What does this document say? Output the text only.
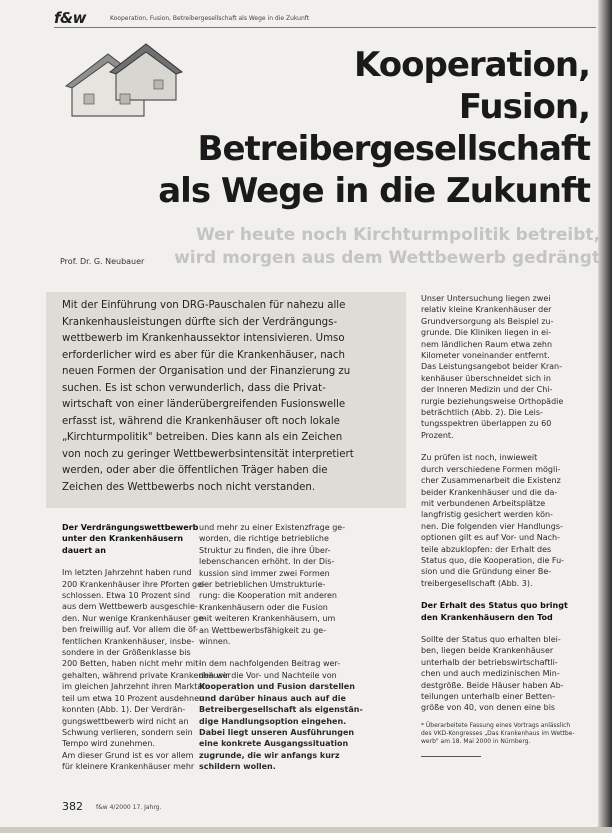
f&w	Kooperation, Fusion, Betreibergesellschaft als Wege in die Zukunft
Kooperation,
Fusion,
Betreibergesellschaft
als Wege in die Zukunft
Wer heute noch Kirchturmpolitik betreibt,
wird morgen aus dem Wettbewerb gedrängt
Prof. Dr. G. Neubauer
Mit der Einführung von DRG-Pauschalen für nahezu alle
Krankenhausleistungen dürfte sich der Verdrängungs-
wettbewerb im Krankenhaussektor intensivieren. Umso
erforderlicher wird es aber für die Krankenhäuser, nach
neuen Formen der Organisation und der Finanzierung zu
suchen. Es ist schon verwunderlich, dass die Privat-
wirtschaft von einer länderübergreifenden Fusionswelle
erfasst ist, während die Krankenhäuser oft noch lokale
„Kirchturmpolitik" betreiben. Dies kann als ein Zeichen
von noch zu geringer Wettbewerbsintensität interpretiert
werden, oder aber die öffentlichen Träger haben die
Zeichen des Wettbewerbs noch nicht verstanden.
Der Verdrängungswettbewerb
unter den Krankenhäusern
dauert an
Im letzten Jahrzehnt haben rund
200 Krankenhäuser ihre Pforten ge-
schlossen. Etwa 10 Prozent sind
aus dem Wettbewerb ausgeschie-
den. Nur wenige Krankenhäuser ge-
ben freiwillig auf. Vor allem die öf-
fentlichen Krankenhäuser, insbe-
sondere in der Größenklasse bis
200 Betten, haben nicht mehr mit-
gehalten, während private Krankenhäuser
im gleichen Jahrzehnt ihren Marktan-
teil um etwa 10 Prozent ausdehnen
konnten (Abb. 1). Der Verdrän-
gungswettbewerb wird nicht an
Schwung verlieren, sondern sein
Tempo wird zunehmen.
Am dieser Grund ist es vor allem
für kleinere Krankenhäuser mehr
und mehr zu einer Existenzfrage ge-
worden, die richtige betriebliche
Struktur zu finden, die ihre Über-
lebenschancen erhöht. In der Dis-
kussion sind immer zwei Formen
der betrieblichen Umstrukturie-
rung: die Kooperation mit anderen
Krankenhäusern oder die Fusion
mit weiteren Krankenhäusern, um
an Wettbewerbsfähigkeit zu ge-
winnen.
In dem nachfolgenden Beitrag wer-
den wir die Vor- und Nachteile von
Kooperation und Fusion darstellen
und darüber hinaus auch auf die
Betreibergesellschaft als eigenstän-
dige Handlungsoption eingehen.
Dabei liegt unseren Ausführungen
eine konkrete Ausgangssituation
zugrunde, die wir anfangs kurz
schildern wollen.
Unser Untersuchung liegen zwei
relativ kleine Krankenhäuser der
Grundversorgung als Beispiel zu-
grunde. Die Kliniken liegen in ei-
nem ländlichen Raum etwa zehn
Kilometer voneinander entfernt.
Das Leistungsangebot beider Kran-
kenhäuser überschneidet sich in
der Inneren Medizin und der Chi-
rurgie beziehungsweise Orthopädie
beträchtlich (Abb. 2). Die Leis-
tungsspektren überlappen zu 60
Prozent.
Zu prüfen ist noch, inwieweit
durch verschiedene Formen mögli-
cher Zusammenarbeit die Existenz
beider Krankenhäuser und die da-
mit verbundenen Arbeitsplätze
langfristig gesichert werden kön-
nen. Die folgenden vier Handlungs-
optionen gilt es auf Vor- und Nach-
teile abzuklopfen: der Erhalt des
Status quo, die Kooperation, die Fu-
sion und die Gründung einer Be-
treibergesellschaft (Abb. 3).
Der Erhalt des Status quo bringt
den Krankenhäusern den Tod
Sollte der Status quo erhalten blei-
ben, liegen beide Krankenhäuser
unterhalb der betriebswirtschaftli-
chen und auch medizinischen Min-
destgröße. Beide Häuser haben Ab-
teilungen unterhalb einer Betten-
größe von 40, von denen eine bis
* Überarbeitete Fassung eines Vortrags anlässlich
des VKD-Kongresses „Das Krankenhaus im Wettbe-
werb" am 18. Mai 2000 in Nürnberg.
382 f&w 4/2000 17. Jahrg.
